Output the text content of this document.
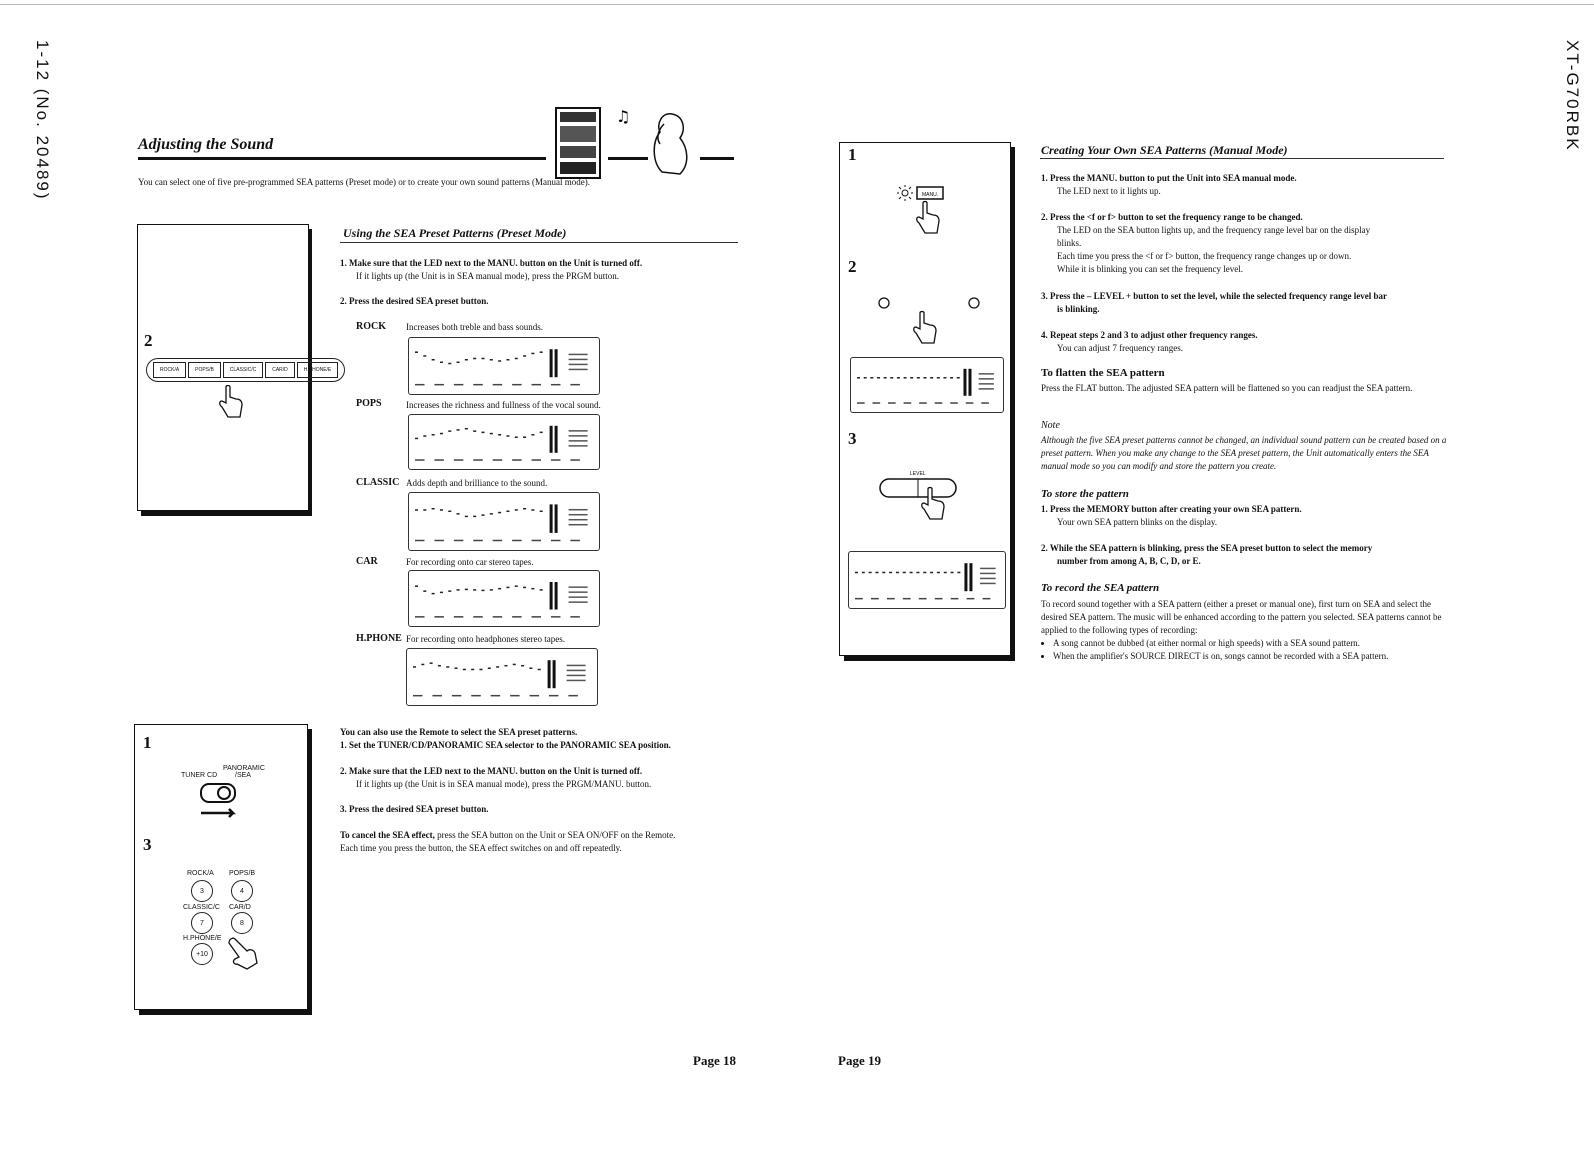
1-12 (No. 20489)	XT-G70RBK
Adjusting the Sound
♫
You can select one of five pre-programmed SEA patterns (Preset mode) or to create your own sound patterns (Manual mode).
2
ROCK/A	POPS/B	CLASSIC/C	CAR/D	H.PHONE/E
Using the SEA Preset Patterns (Preset Mode)
1. Make sure that the LED next to the MANU. button on the Unit is turned off.
If it lights up (the Unit is in SEA manual mode), press the PRGM button.
2. Press the desired SEA preset button.
ROCK Increases both treble and bass sounds.
POPS	Increases the richness and fullness of the vocal sound.
CLASSIC Adds depth and brilliance to the sound.
CAR	For recording onto car stereo tapes.
H.PHONE For recording onto headphones stereo tapes.
1
PANORAMIC
TUNER CD	/SEA
3
ROCK/A POPS/B
3	4
CLASSIC/C CAR/D
7	8
H.PHONE/E
+10
You can also use the Remote to select the SEA preset patterns.
1. Set the TUNER/CD/PANORAMIC SEA selector to the PANORAMIC SEA position.
2. Make sure that the LED next to the MANU. button on the Unit is turned off.
If it lights up (the Unit is in SEA manual mode), press the PRGM/MANU. button.
3. Press the desired SEA preset button.
To cancel the SEA effect, press the SEA button on the Unit or SEA ON/OFF on the Remote.
Each time you press the button, the SEA effect switches on and off repeatedly.
Page 18
1
MANU.
2
3
LEVEL
Creating Your Own SEA Patterns (Manual Mode)
1. Press the MANU. button to put the Unit into SEA manual mode.
The LED next to it lights up.
2. Press the <f or f> button to set the frequency range to be changed.
The LED on the SEA button lights up, and the frequency range level bar on the display
blinks.
Each time you press the <f or f> button, the frequency range changes up or down.
While it is blinking you can set the frequency level.
3. Press the – LEVEL + button to set the level, while the selected frequency range level bar
is blinking.
4. Repeat steps 2 and 3 to adjust other frequency ranges.
You can adjust 7 frequency ranges.
To flatten the SEA pattern
Press the FLAT button. The adjusted SEA pattern will be flattened so you can readjust the SEA pattern.
Note
Although the five SEA preset patterns cannot be changed, an individual sound pattern can be created based on a preset pattern. When you make any change to the SEA preset pattern, the Unit automatically enters the SEA manual mode so you can modify and store the pattern you create.
To store the pattern
1. Press the MEMORY button after creating your own SEA pattern.
Your own SEA pattern blinks on the display.
2. While the SEA pattern is blinking, press the SEA preset button to select the memory
number from among A, B, C, D, or E.
To record the SEA pattern
To record sound together with a SEA pattern (either a preset or manual one), first turn on SEA and select the desired SEA pattern. The music will be enhanced according to the pattern you selected. SEA patterns cannot be applied to the following types of recording:
• A song cannot be dubbed (at either normal or high speeds) with a SEA sound pattern.
• When the amplifier's SOURCE DIRECT is on, songs cannot be recorded with a SEA pattern.
Page 19
